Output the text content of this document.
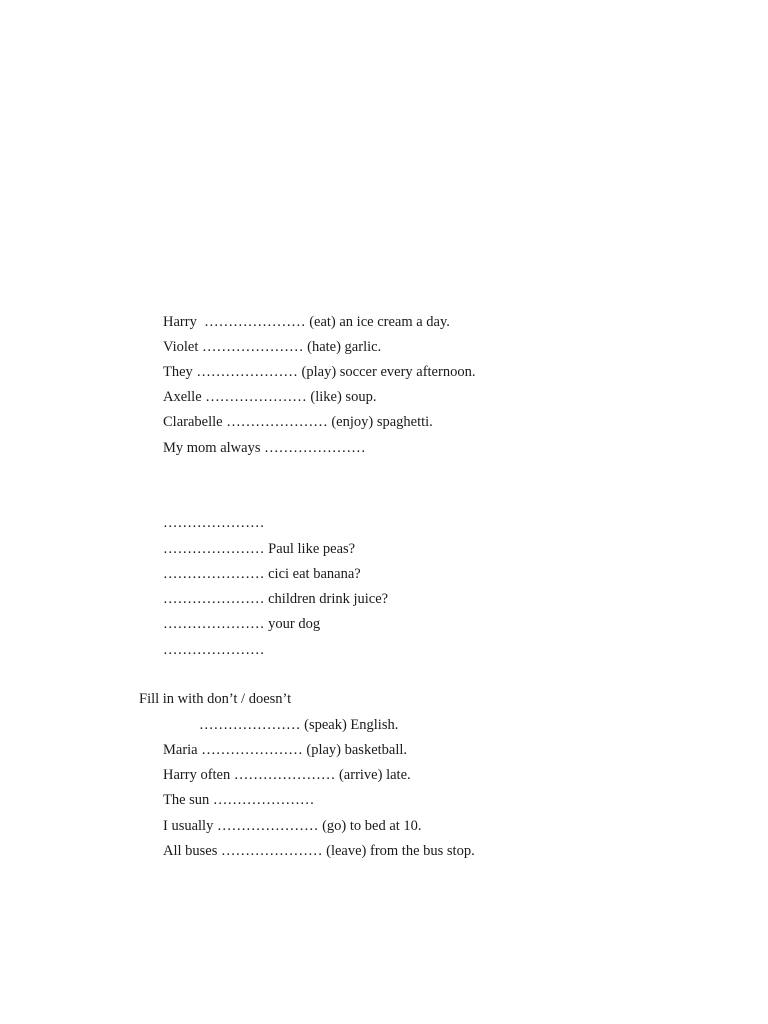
Harry  ………………… (eat) an ice cream a day.
Violet ………………… (hate) garlic.
They ………………… (play) soccer every afternoon.
Axelle ………………… (like) soup.
Clarabelle ………………… (enjoy) spaghetti.
My mom always …………………
…………………
………………… Paul like peas?
………………… cici eat banana?
………………… children drink juice?
………………… your dog
…………………
Fill in with don’t / doesn’t
………………… (speak) English.
Maria ………………… (play) basketball.
Harry often ………………… (arrive) late.
The sun …………………
I usually ………………… (go) to bed at 10.
All buses ………………… (leave) from the bus stop.
